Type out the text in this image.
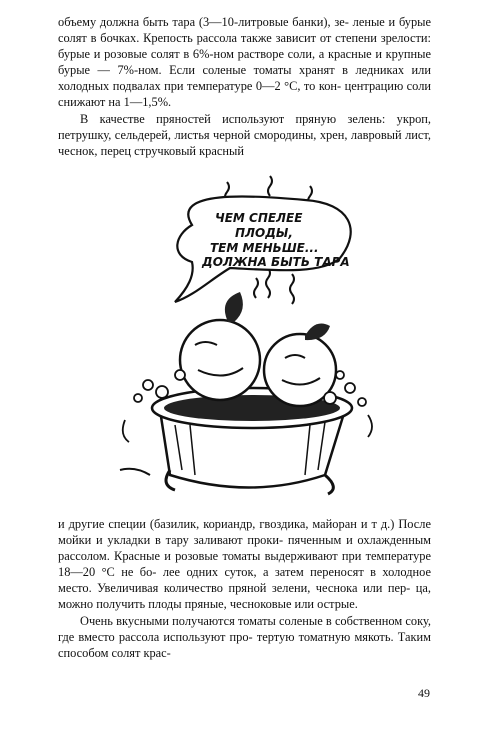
объему должна быть тара (3—10-литровые банки), зе- леные и бурые солят в бочках. Крепость рассола также зависит от степени зрелости: бурые и розовые солят в 6%-ном растворе соли, а красные и крупные бурые — 7%-ном. Если соленые томаты хранят в ледниках или холодных подвалах при температуре 0—2 °С, то кон- центрацию соли снижают на 1—1,5%.

В качестве пряностей используют пряную зелень: укроп, петрушку, сельдерей, листья черной смородины, хрен, лавровый лист, чеснок, перец стручковый красный

ЧЕМ СПЕЛЕЕ
ПЛОДЫ,
ТЕМ МЕНЬШЕ...
ДОЛЖНА БЫТЬ ТАРА

и другие специи (базилик, кориандр, гвоздика, майоран и т д.) После мойки и укладки в тару заливают проки- пяченным и охлажденным рассолом. Красные и розовые томаты выдерживают при температуре 18—20 °С не бо- лее одних суток, а затем переносят в холодное место. Увеличивая количество пряной зелени, чеснока или пер- ца, можно получить плоды пряные, чесноковые или острые.

Очень вкусными получаются томаты соленые в собственном соку, где вместо рассола используют про- тертую томатную мякоть. Таким способом солят крас-

49
